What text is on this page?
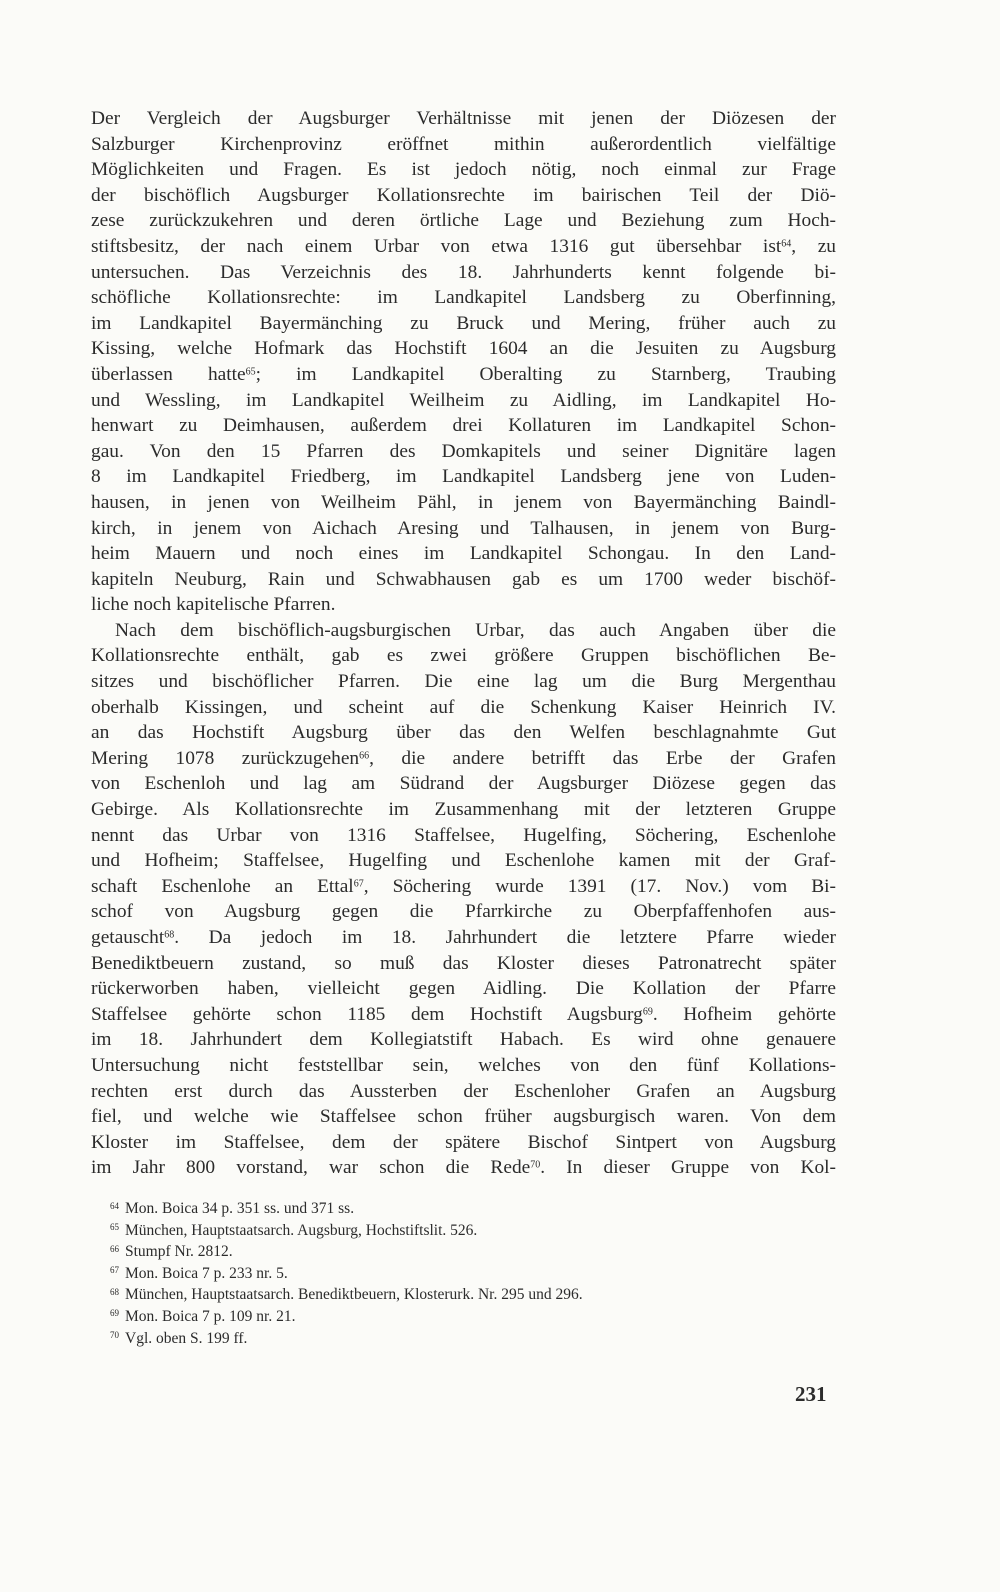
Der Vergleich der Augsburger Verhältnisse mit jenen der Diözesen der
Salzburger Kirchenprovinz eröffnet mithin außerordentlich vielfältige
Möglichkeiten und Fragen. Es ist jedoch nötig, noch einmal zur Frage
der bischöflich Augsburger Kollationsrechte im bairischen Teil der Diö-
zese zurückzukehren und deren örtliche Lage und Beziehung zum Hoch-
stiftsbesitz, der nach einem Urbar von etwa 1316 gut übersehbar ist$^{64}$, zu
untersuchen. Das Verzeichnis des 18. Jahrhunderts kennt folgende bi-
schöfliche Kollationsrechte: im Landkapitel Landsberg zu Oberfinning,
im Landkapitel Bayermänching zu Bruck und Mering, früher auch zu
Kissing, welche Hofmark das Hochstift 1604 an die Jesuiten zu Augsburg
überlassen hatte$^{65}$; im Landkapitel Oberalting zu Starnberg, Traubing
und Wessling, im Landkapitel Weilheim zu Aidling, im Landkapitel Ho-
henwart zu Deimhausen, außerdem drei Kollaturen im Landkapitel Schon-
gau. Von den 15 Pfarren des Domkapitels und seiner Dignitäre lagen
8 im Landkapitel Friedberg, im Landkapitel Landsberg jene von Luden-
hausen, in jenen von Weilheim Pähl, in jenem von Bayermänching Baindl-
kirch, in jenem von Aichach Aresing und Talhausen, in jenem von Burg-
heim Mauern und noch eines im Landkapitel Schongau. In den Land-
kapiteln Neuburg, Rain und Schwabhausen gab es um 1700 weder bischöf-
liche noch kapitelische Pfarren.
Nach dem bischöflich-augsburgischen Urbar, das auch Angaben über die
Kollationsrechte enthält, gab es zwei größere Gruppen bischöflichen Be-
sitzes und bischöflicher Pfarren. Die eine lag um die Burg Mergenthau
oberhalb Kissingen, und scheint auf die Schenkung Kaiser Heinrich IV.
an das Hochstift Augsburg über das den Welfen beschlagnahmte Gut
Mering 1078 zurückzugehen$^{66}$, die andere betrifft das Erbe der Grafen
von Eschenloh und lag am Südrand der Augsburger Diözese gegen das
Gebirge. Als Kollationsrechte im Zusammenhang mit der letzteren Gruppe
nennt das Urbar von 1316 Staffelsee, Hugelfing, Söchering, Eschenlohe
und Hofheim; Staffelsee, Hugelfing und Eschenlohe kamen mit der Graf-
schaft Eschenlohe an Ettal$^{67}$, Söchering wurde 1391 (17. Nov.) vom Bi-
schof von Augsburg gegen die Pfarrkirche zu Oberpfaffenhofen aus-
getauscht$^{68}$. Da jedoch im 18. Jahrhundert die letztere Pfarre wieder
Benediktbeuern zustand, so muß das Kloster dieses Patronatrecht später
rückerworben haben, vielleicht gegen Aidling. Die Kollation der Pfarre
Staffelsee gehörte schon 1185 dem Hochstift Augsburg$^{69}$. Hofheim gehörte
im 18. Jahrhundert dem Kollegiatstift Habach. Es wird ohne genauere
Untersuchung nicht feststellbar sein, welches von den fünf Kollations-
rechten erst durch das Aussterben der Eschenloher Grafen an Augsburg
fiel, und welche wie Staffelsee schon früher augsburgisch waren. Von dem
Kloster im Staffelsee, dem der spätere Bischof Sintpert von Augsburg
im Jahr 800 vorstand, war schon die Rede$^{70}$. In dieser Gruppe von Kol-

$^{64}$ Mon. Boica 34 p. 351 ss. und 371 ss.
$^{65}$ München, Hauptstaatsarch. Augsburg, Hochstiftslit. 526.
$^{66}$ Stumpf Nr. 2812.
$^{67}$ Mon. Boica 7 p. 233 nr. 5.
$^{68}$ München, Hauptstaatsarch. Benediktbeuern, Klosterurk. Nr. 295 und 296.
$^{69}$ Mon. Boica 7 p. 109 nr. 21.
$^{70}$ Vgl. oben S. 199 ff.
231
